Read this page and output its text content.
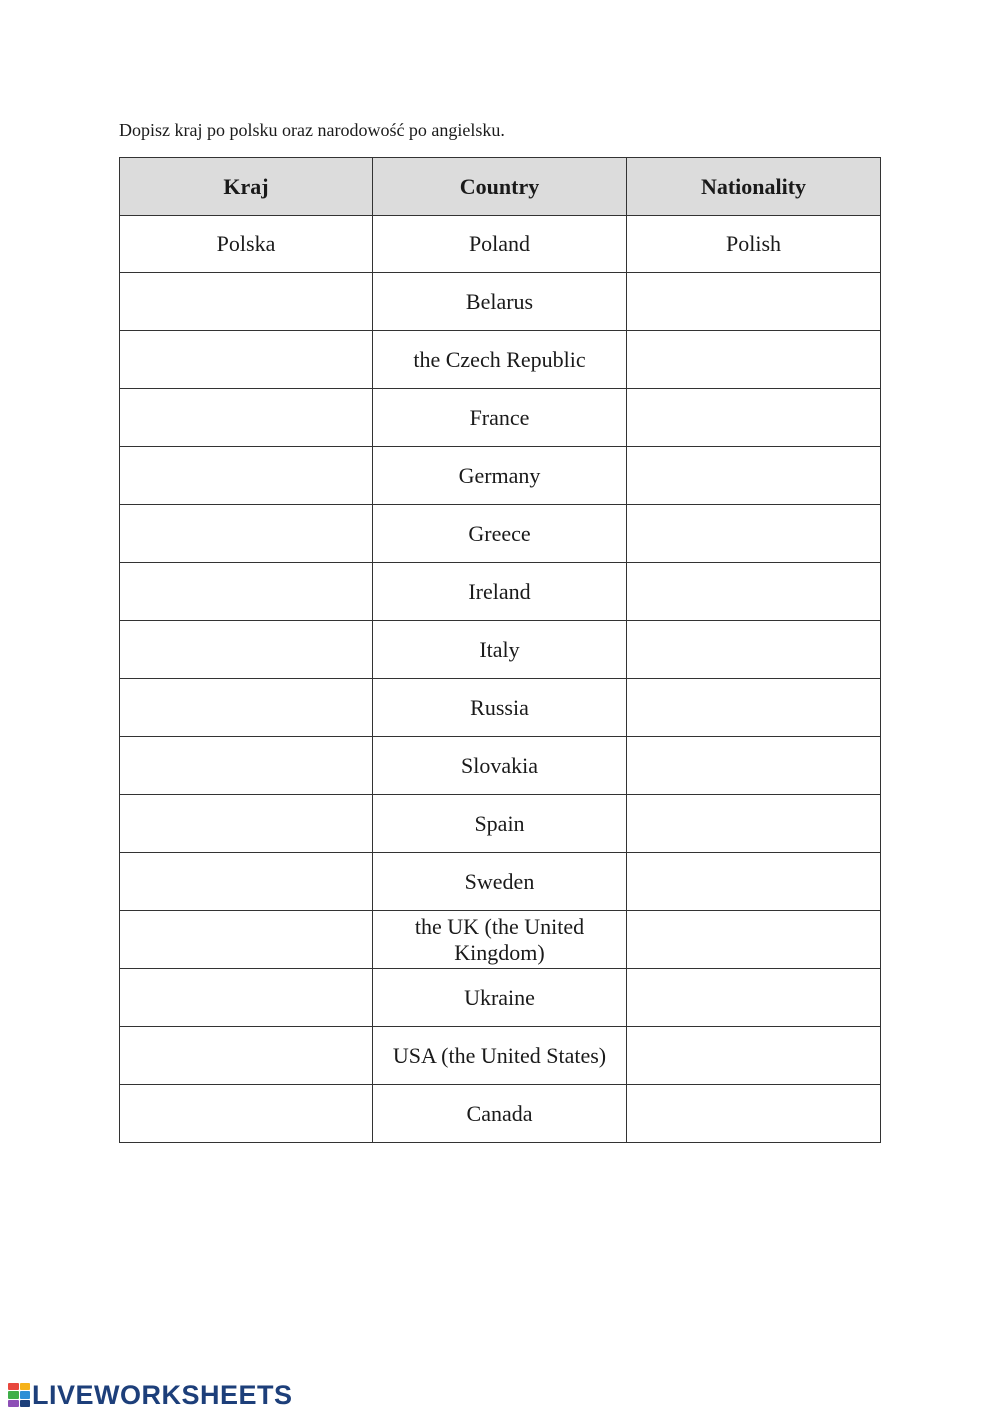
Dopisz kraj po polsku oraz narodowość po angielsku.
Kraj	Country	Nationality
Polska	Poland	Polish
	Belarus	
	the Czech Republic	
	France	
	Germany	
	Greece	
	Ireland	
	Italy	
	Russia	
	Slovakia	
	Spain	
	Sweden	
	the UK (the United Kingdom)	
	Ukraine	
	USA (the United States)	
	Canada	
LIVEWORKSHEETS
